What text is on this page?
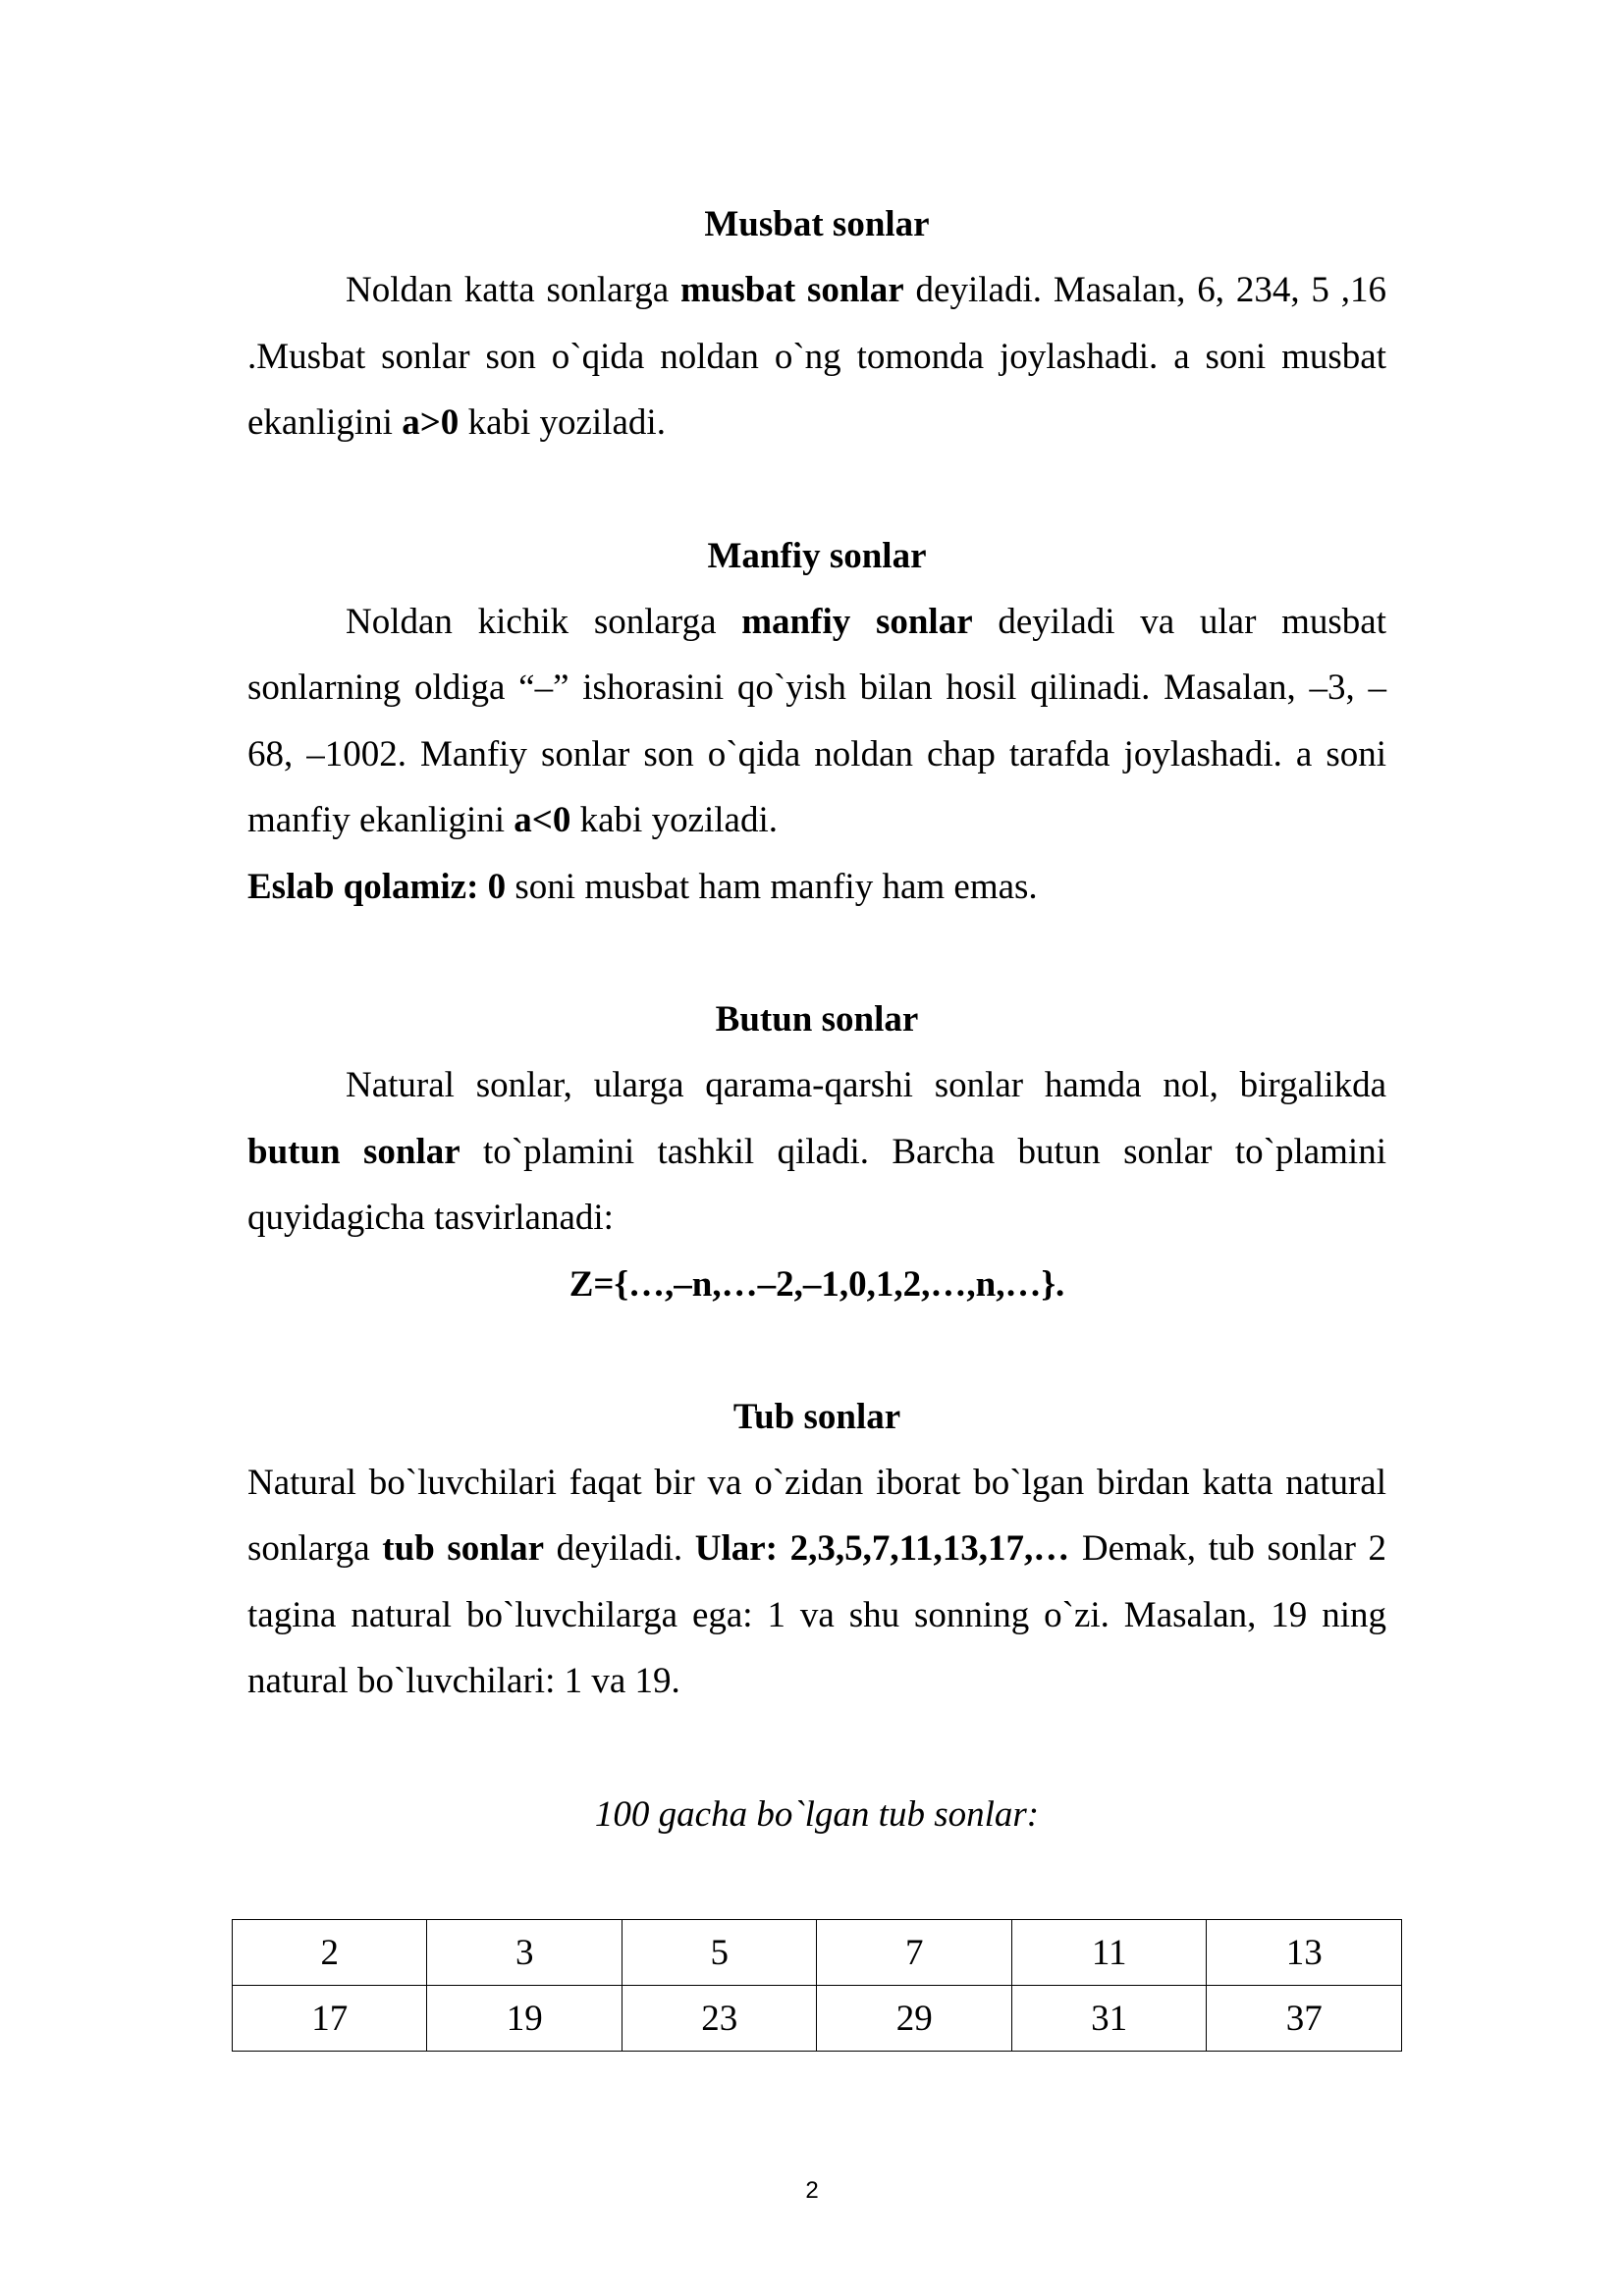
Musbat sonlar

Noldan katta sonlarga musbat sonlar deyiladi. Masalan, 6, 234, 5 ,16 .Musbat sonlar son o`qida noldan o`ng tomonda joylashadi. a soni musbat ekanligini a>0 kabi yoziladi.

Manfiy sonlar

Noldan kichik sonlarga manfiy sonlar deyiladi va ular musbat sonlarning oldiga “–” ishorasini qo`yish bilan hosil qilinadi. Masalan, –3, –68, –1002. Manfiy sonlar son o`qida noldan chap tarafda joylashadi. a soni manfiy ekanligini a<0 kabi yoziladi.

Eslab qolamiz: 0 soni musbat ham manfiy ham emas.

Butun sonlar

Natural sonlar, ularga qarama-qarshi sonlar hamda nol, birgalikda butun sonlar to`plamini tashkil qiladi. Barcha butun sonlar to`plamini quyidagicha tasvirlanadi:

Z={…,–n,…–2,–1,0,1,2,…,n,…}.

Tub sonlar

Natural bo`luvchilari faqat bir va o`zidan iborat bo`lgan birdan katta natural sonlarga tub sonlar deyiladi. Ular: 2,3,5,7,11,13,17,… Demak, tub sonlar 2 tagina natural bo`luvchilarga ega: 1 va shu sonning o`zi. Masalan, 19 ning natural bo`luvchilari: 1 va 19.

100 gacha bo`lgan tub sonlar:

2	3	5	7	11	13
17	19	23	29	31	37
2
